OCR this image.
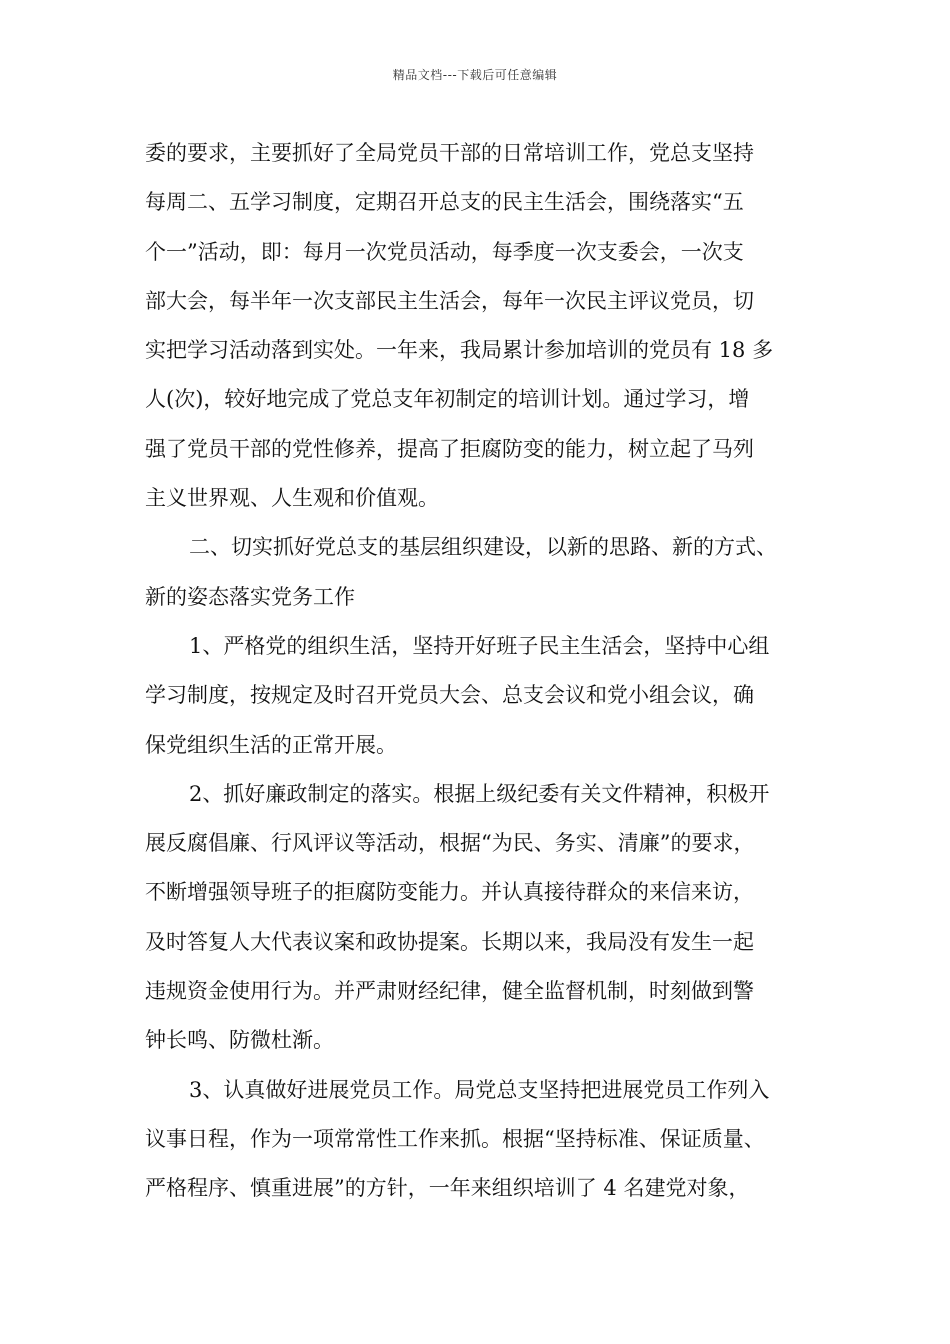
精品文档---下载后可任意编辑
委的要求，主要抓好了全局党员干部的日常培训工作，党总支坚持
每周二、五学习制度，定期召开总支的民主生活会，围绕落实“五
个一”活动，即：每月一次党员活动，每季度一次支委会，一次支
部大会，每半年一次支部民主生活会，每年一次民主评议党员，切
实把学习活动落到实处。一年来，我局累计参加培训的党员有 18 多
人(次)，较好地完成了党总支年初制定的培训计划。通过学习，增
强了党员干部的党性修养，提高了拒腐防变的能力，树立起了马列
主义世界观、人生观和价值观。
二、切实抓好党总支的基层组织建设，以新的思路、新的方式、
新的姿态落实党务工作
1、严格党的组织生活，坚持开好班子民主生活会，坚持中心组
学习制度，按规定及时召开党员大会、总支会议和党小组会议，确
保党组织生活的正常开展。
2、抓好廉政制定的落实。根据上级纪委有关文件精神，积极开
展反腐倡廉、行风评议等活动，根据“为民、务实、清廉”的要求，
不断增强领导班子的拒腐防变能力。并认真接待群众的来信来访，
及时答复人大代表议案和政协提案。长期以来，我局没有发生一起
违规资金使用行为。并严肃财经纪律，健全监督机制，时刻做到警
钟长鸣、防微杜渐。
3、认真做好进展党员工作。局党总支坚持把进展党员工作列入
议事日程，作为一项常常性工作来抓。根据“坚持标准、保证质量、
严格程序、慎重进展”的方针，一年来组织培训了 4 名建党对象，
